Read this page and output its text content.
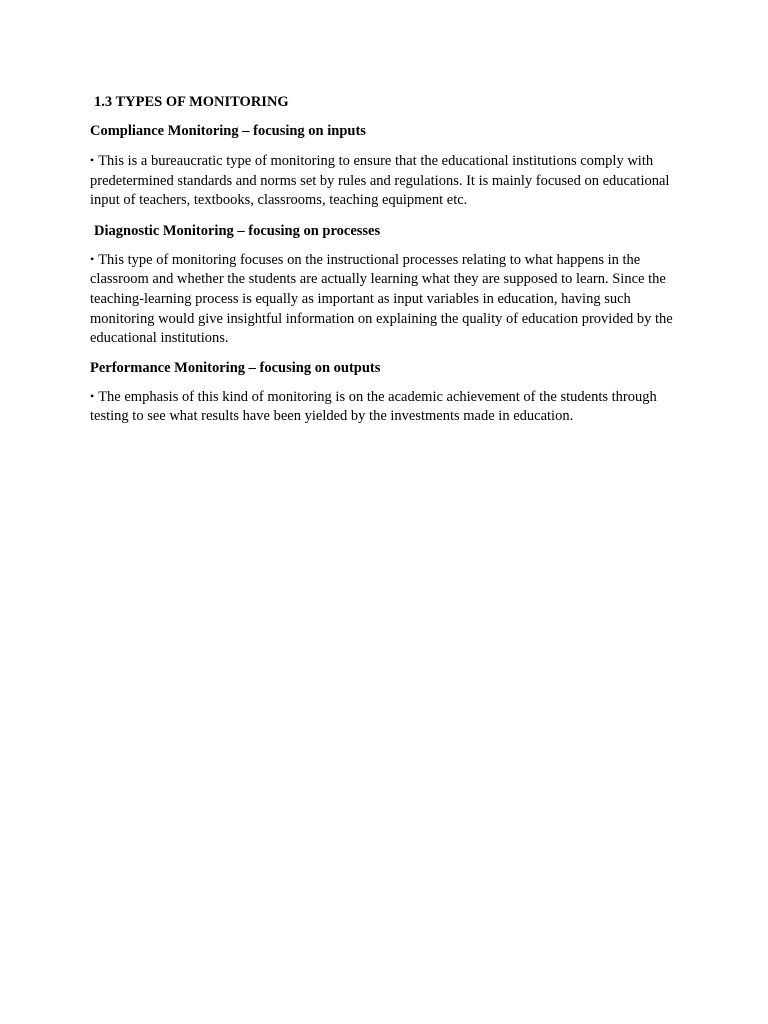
1.3 TYPES OF MONITORING

Compliance Monitoring – focusing on inputs

• This is a bureaucratic type of monitoring to ensure that the educational institutions comply with predetermined standards and norms set by rules and regulations. It is mainly focused on educational input of teachers, textbooks, classrooms, teaching equipment etc.

Diagnostic Monitoring – focusing on processes

• This type of monitoring focuses on the instructional processes relating to what happens in the classroom and whether the students are actually learning what they are supposed to learn. Since the teaching-learning process is equally as important as input variables in education, having such monitoring would give insightful information on explaining the quality of education provided by the educational institutions.

Performance Monitoring – focusing on outputs

• The emphasis of this kind of monitoring is on the academic achievement of the students through testing to see what results have been yielded by the investments made in education.
